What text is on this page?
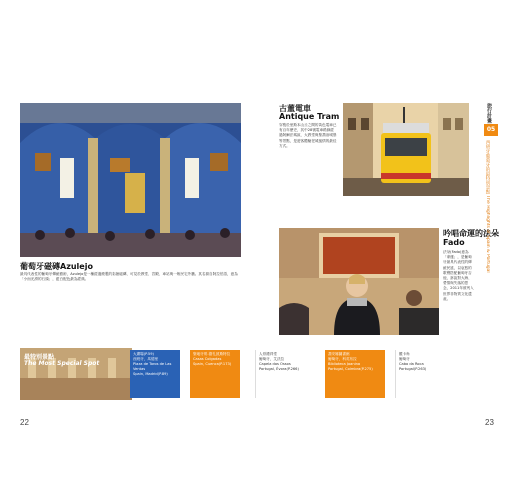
葡萄牙磁磚Azulejo
最具代表性的葡萄牙傳統藝術，Azulejo是一種經過燒製的彩繪磁磚，可見於教堂、宮殿、車站與一般民宅外牆。其名源自阿拉伯語，意為「小而光滑的石頭」，藍白配色最為經典。
最特別景點
The Most Special Spot
大廣場(P.59)
西班牙，馬德里
Plaza de Toros de Las Ventas
Spain, Madrid(P.89)
聖地牙哥-德孔波斯特拉
Casas Colgadas
Spain, Cuenca(P.173)
人骨禮拜堂
葡萄牙，艾沃拉
Capela dos Ossos
Portugal, Évora(P.266)
喬安娜圖書館
葡萄牙，科英布拉
Biblioteca Joanina
Portugal, Coimbra(P.275)
羅卡角
葡萄牙
Cabo da Roca
Portugal(P.263)
22
古董電車
Antique Tram
穿梭於里斯本山丘之間的黃色電車已有百年歷史，其中28號電車路線經過阿爾法瑪區、大教堂與聖喬治城堡等景點，是遊客體驗老城風情的最佳方式。
吟唱命運的法朵
Fado
法朵(Fado)意為「命運」，是葡萄牙最具代表性的傳統民謠，以哀愁的歌聲搭配葡萄牙吉他，訴說對大海、愛情與失落的思念，2011年被列入世界非物質文化遺產。
旅行計畫
05
西班牙葡萄牙的最特別景點 The Highlights of Spain & Portugal
23
